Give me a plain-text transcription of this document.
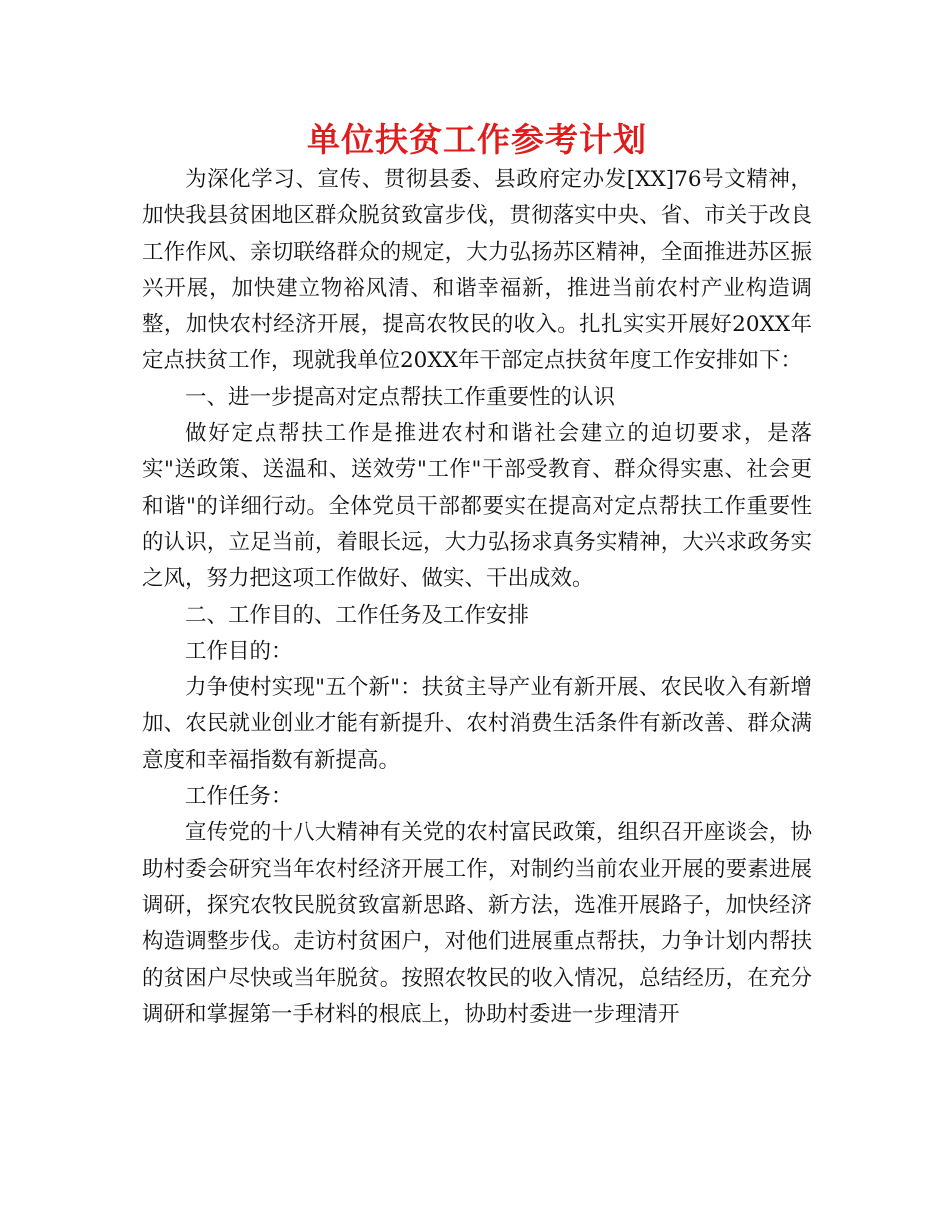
单位扶贫工作参考计划

为深化学习、宣传、贯彻县委、县政府定办发[XX]76号文精神，加快我县贫困地区群众脱贫致富步伐，贯彻落实中央、省、市关于改良工作作风、亲切联络群众的规定，大力弘扬苏区精神，全面推进苏区振兴开展，加快建立物裕风清、和谐幸福新，推进当前农村产业构造调整，加快农村经济开展，提高农牧民的收入。扎扎实实开展好20XX年定点扶贫工作，现就我单位20XX年干部定点扶贫年度工作安排如下：

一、进一步提高对定点帮扶工作重要性的认识

做好定点帮扶工作是推进农村和谐社会建立的迫切要求，是落实"送政策、送温和、送效劳"工作"干部受教育、群众得实惠、社会更和谐"的详细行动。全体党员干部都要实在提高对定点帮扶工作重要性的认识，立足当前，着眼长远，大力弘扬求真务实精神，大兴求政务实之风，努力把这项工作做好、做实、干出成效。

二、工作目的、工作任务及工作安排

工作目的：

力争使村实现"五个新"：扶贫主导产业有新开展、农民收入有新增加、农民就业创业才能有新提升、农村消费生活条件有新改善、群众满意度和幸福指数有新提高。

工作任务：

宣传党的十八大精神有关党的农村富民政策，组织召开座谈会，协助村委会研究当年农村经济开展工作，对制约当前农业开展的要素进展调研，探究农牧民脱贫致富新思路、新方法，选准开展路子，加快经济构造调整步伐。走访村贫困户，对他们进展重点帮扶，力争计划内帮扶的贫困户尽快或当年脱贫。按照农牧民的收入情况，总结经历，在充分调研和掌握第一手材料的根底上，协助村委进一步理清开
